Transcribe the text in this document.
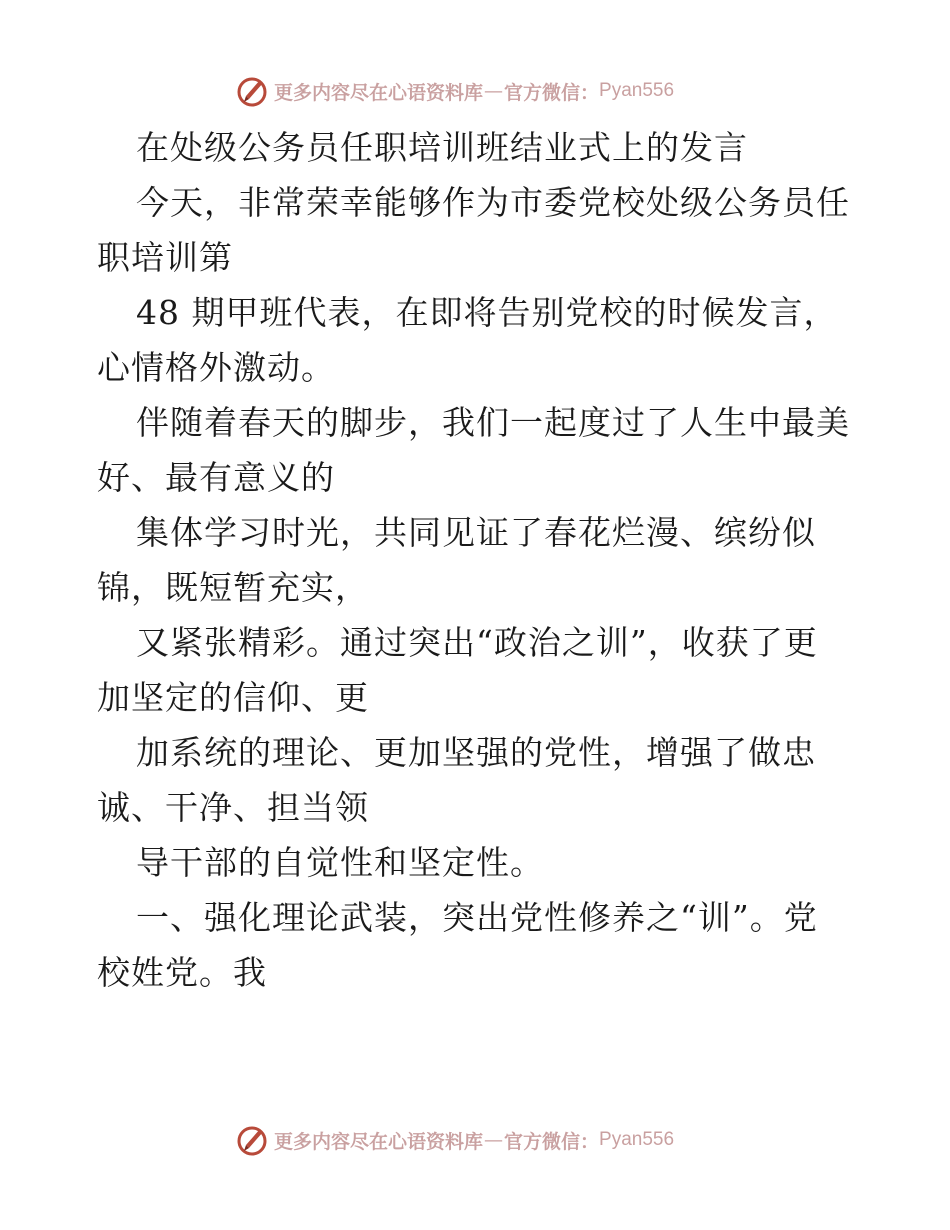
更多内容尽在心语资料库 — 官方微信： Pyan556
在处级公务员任职培训班结业式上的发言
今天，非常荣幸能够作为市委党校处级公务员任
职培训第
48 期甲班代表，在即将告别党校的时候发言，
心情格外激动。
伴随着春天的脚步，我们一起度过了人生中最美
好、最有意义的
集体学习时光，共同见证了春花烂漫、缤纷似
锦，既短暂充实，
又紧张精彩。通过突出“政治之训”，收获了更
加坚定的信仰、更
加系统的理论、更加坚强的党性，增强了做忠
诚、干净、担当领
导干部的自觉性和坚定性。
一、强化理论武装，突出党性修养之“训”。党
校姓党。我
更多内容尽在心语资料库 — 官方微信： Pyan556
